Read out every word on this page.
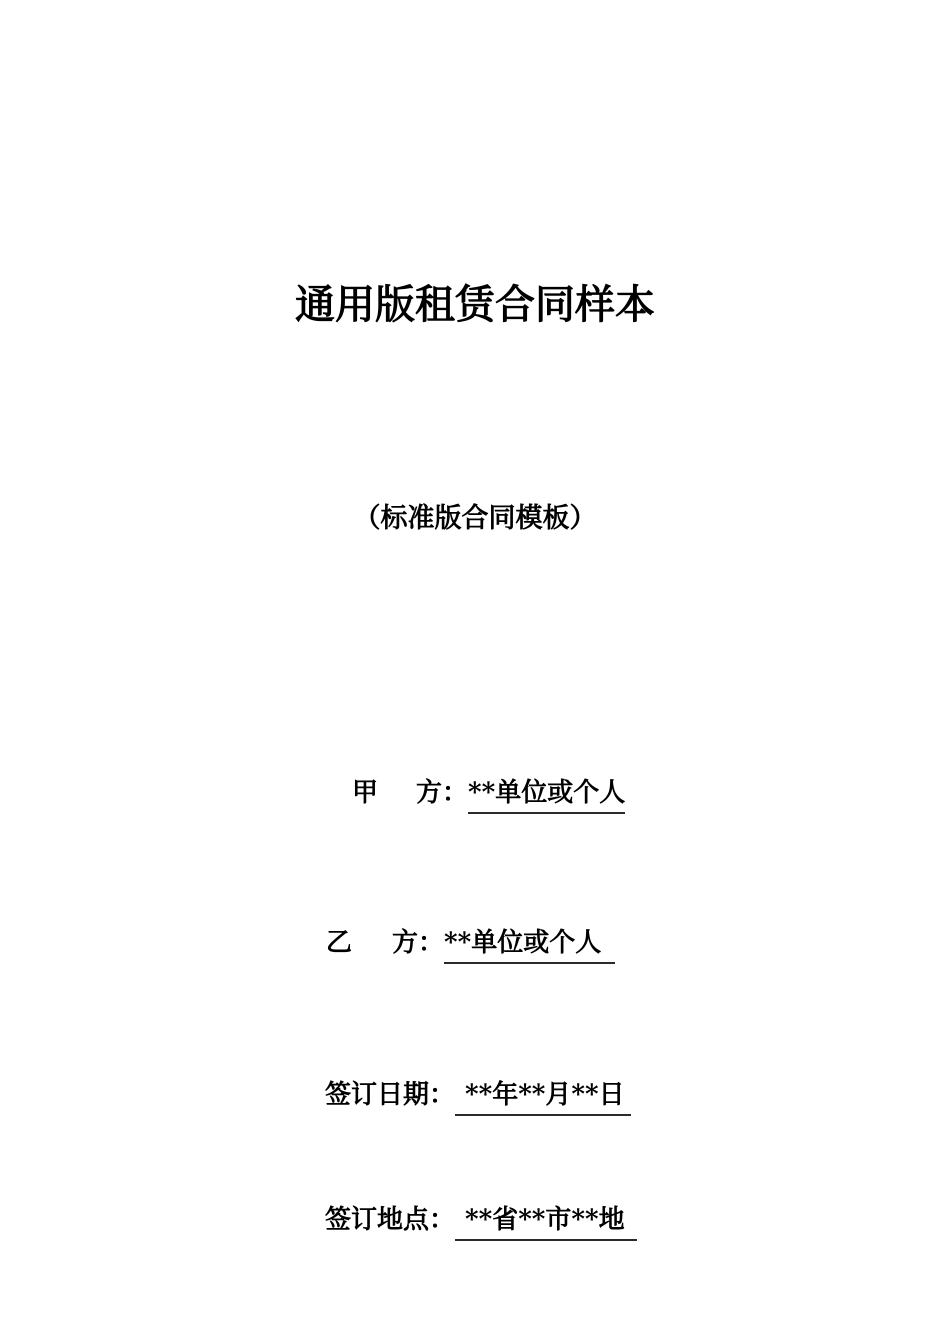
通用版租赁合同样本
（标准版合同模板）
甲 方：**单位或个人
乙 方：**单位或个人
签订日期： **年**月**日
签订地点： **省**市**地
